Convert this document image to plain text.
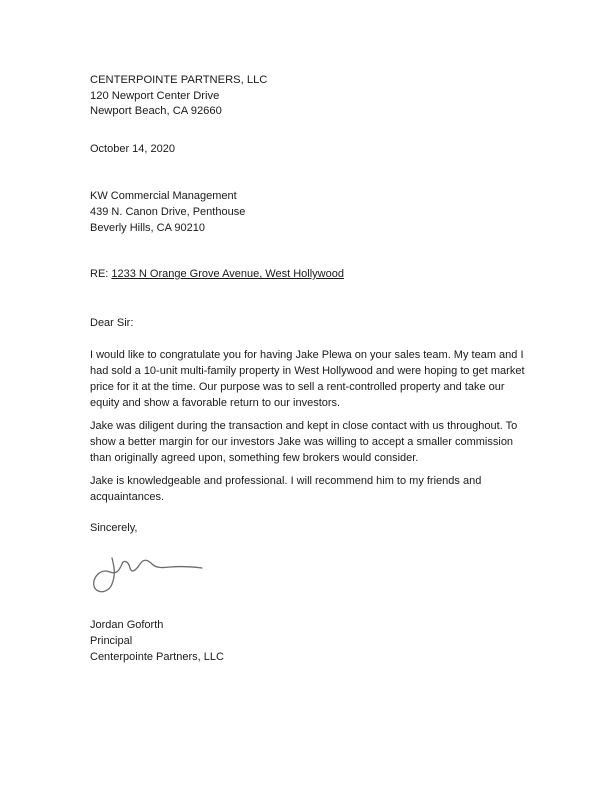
CENTERPOINTE PARTNERS, LLC
120 Newport Center Drive
Newport Beach, CA 92660
October 14, 2020
KW Commercial Management
439 N. Canon Drive, Penthouse
Beverly Hills, CA 90210
RE: 1233 N Orange Grove Avenue, West Hollywood
Dear Sir:

I would like to congratulate you for having Jake Plewa on your sales team. My team and I had sold a 10-unit multi-family property in West Hollywood and were hoping to get market price for it at the time. Our purpose was to sell a rent-controlled property and take our equity and show a favorable return to our investors.

Jake was diligent during the transaction and kept in close contact with us throughout. To show a better margin for our investors Jake was willing to accept a smaller commission than originally agreed upon, something few brokers would consider.

Jake is knowledgeable and professional. I will recommend him to my friends and acquaintances.

Sincerely,
Jordan Goforth
Principal
Centerpointe Partners, LLC
